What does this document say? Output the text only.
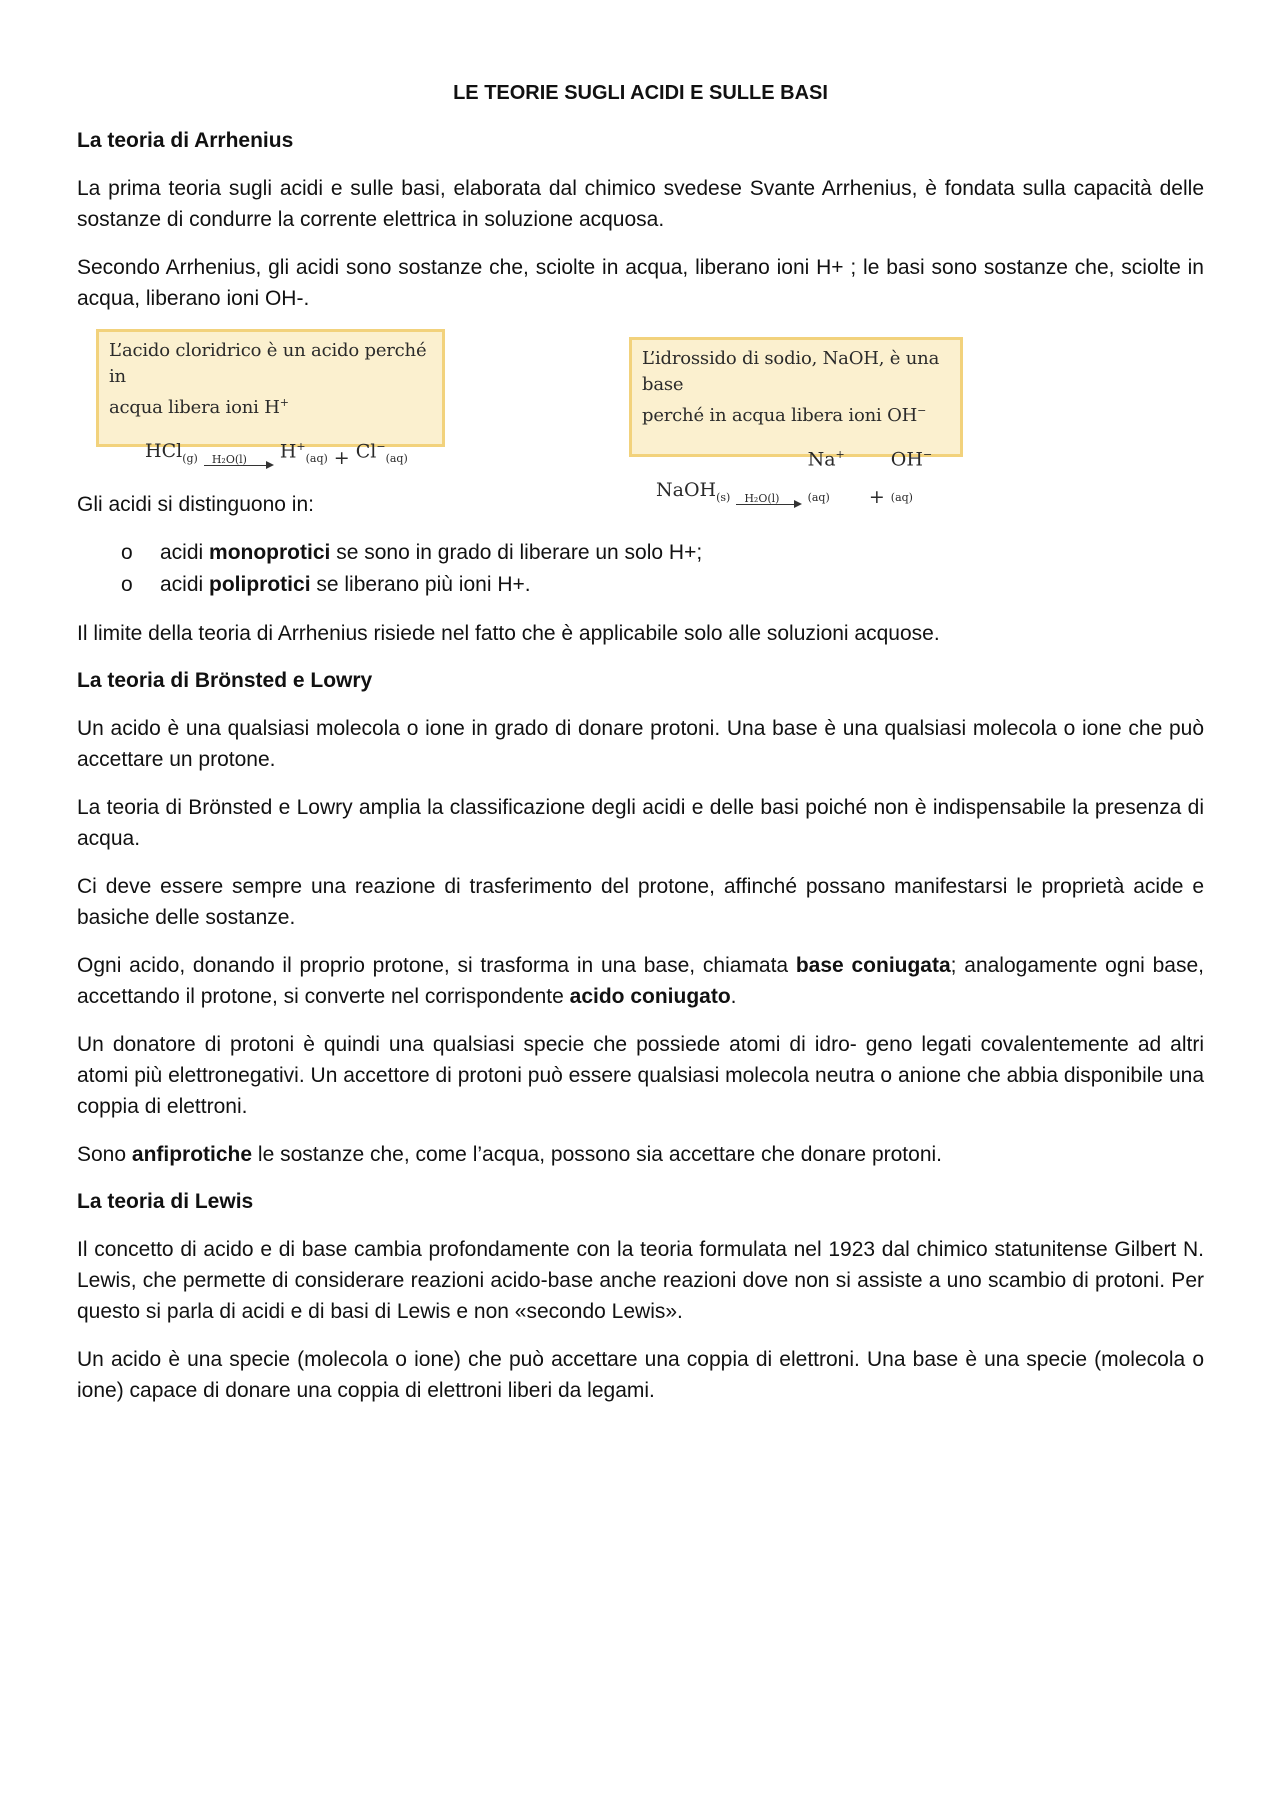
LE TEORIE SUGLI ACIDI E SULLE BASI
La teoria di Arrhenius

La prima teoria sugli acidi e sulle basi, elaborata dal chimico svedese Svante Arrhenius, è fondata sulla capacità delle sostanze di condurre la corrente elettrica in soluzione acquosa.

Secondo Arrhenius, gli acidi sono sostanze che, sciolte in acqua, liberano ioni H+ ; le basi sono sostanze che, sciolte in acqua, liberano ioni OH-.

L’acido cloridrico è un acido perché in
acqua libera ioni H+
HCl$_{(g)}$ H₂O(l) $H^+_{(aq)} + Cl^-_{(aq)}$
L’idrossido di sodio, NaOH, è una base
perché in acqua libera ioni OH−
NaOH$_{(s)}$ H₂O(l)
$Na^+_{(aq)}$	+
$OH^-_{(aq)}$

Gli acidi si distinguono in:

o acidi monoprotici se sono in grado di liberare un solo H+;
o acidi poliprotici se liberano più ioni H+.

Il limite della teoria di Arrhenius risiede nel fatto che è applicabile solo alle soluzioni acquose.

La teoria di Brönsted e Lowry

Un acido è una qualsiasi molecola o ione in grado di donare protoni. Una base è una qualsiasi molecola o ione che può accettare un protone.

La teoria di Brönsted e Lowry amplia la classificazione degli acidi e delle basi poiché non è indispensabile la presenza di acqua.

Ci deve essere sempre una reazione di trasferimento del protone, affinché possano manifestarsi le proprietà acide e basiche delle sostanze.

Ogni acido, donando il proprio protone, si trasforma in una base, chiamata base coniugata; analogamente ogni base, accettando il protone, si converte nel corrispondente acido coniugato.

Un donatore di protoni è quindi una qualsiasi specie che possiede atomi di idro- geno legati covalentemente ad altri atomi più elettronegativi. Un accettore di protoni può essere qualsiasi molecola neutra o anione che abbia disponibile una coppia di elettroni.

Sono anfiprotiche le sostanze che, come l’acqua, possono sia accettare che donare protoni.

La teoria di Lewis

Il concetto di acido e di base cambia profondamente con la teoria formulata nel 1923 dal chimico statunitense Gilbert N. Lewis, che permette di considerare reazioni acido-base anche reazioni dove non si assiste a uno scambio di protoni. Per questo si parla di acidi e di basi di Lewis e non «secondo Lewis».

Un acido è una specie (molecola o ione) che può accettare una coppia di elettroni. Una base è una specie (molecola o ione) capace di donare una coppia di elettroni liberi da legami.
